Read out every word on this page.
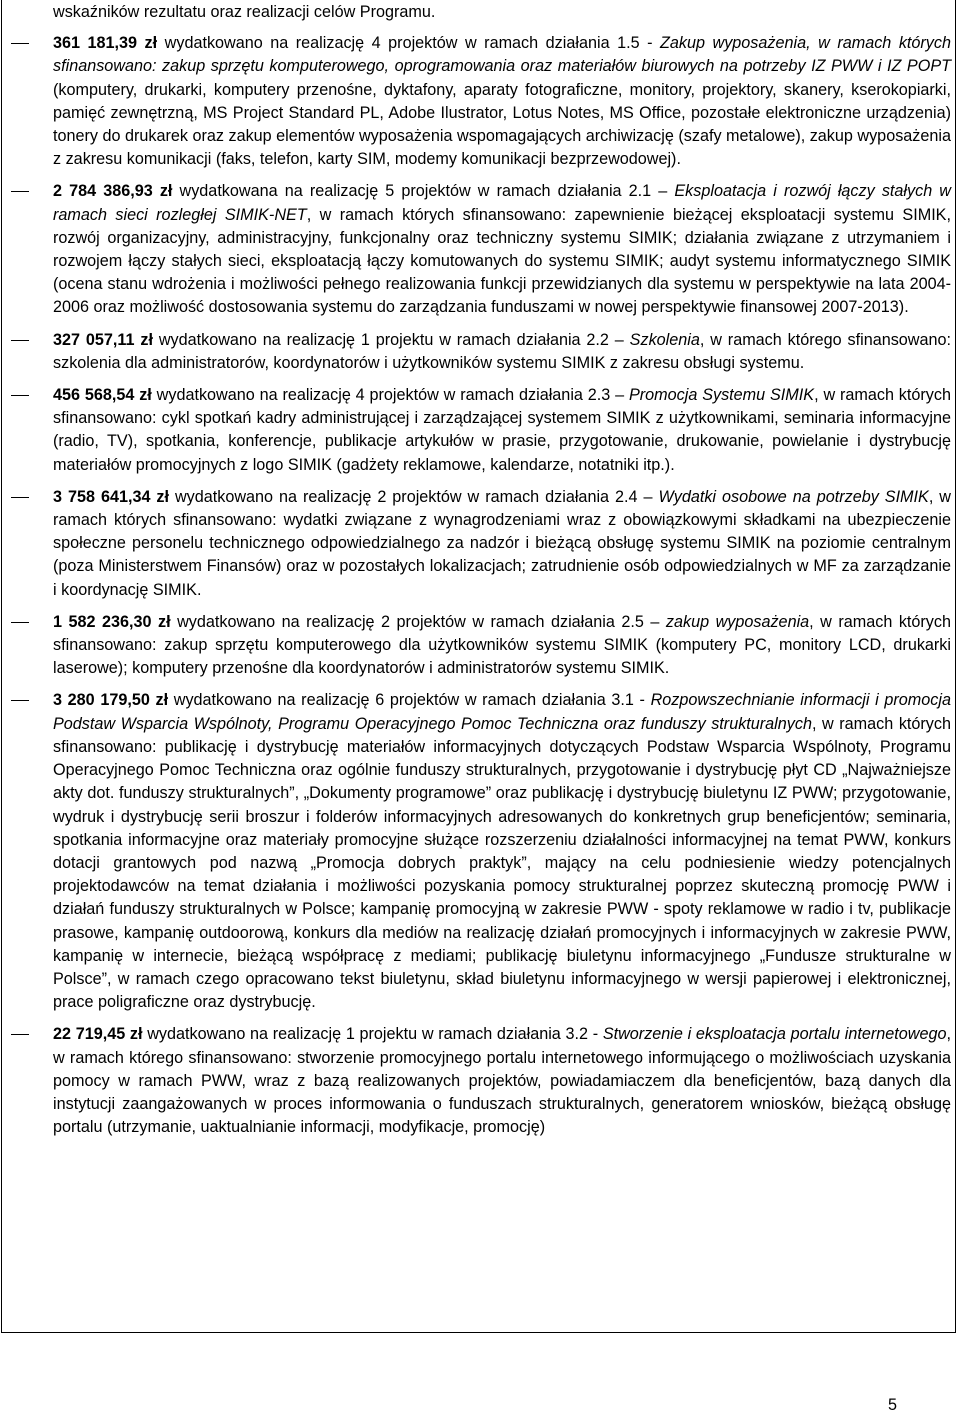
wskaźników rezultatu oraz realizacji celów Programu.

361 181,39 zł wydatkowano na realizację 4 projektów w ramach działania 1.5 - Zakup wyposażenia, w ramach których sfinansowano: zakup sprzętu komputerowego, oprogramowania oraz materiałów biurowych na potrzeby IZ PWW i IZ POPT (komputery, drukarki, komputery przenośne, dyktafony, aparaty fotograficzne, monitory, projektory, skanery, kserokopiarki, pamięć zewnętrzną, MS Project Standard PL, Adobe Ilustrator, Lotus Notes, MS Office, pozostałe elektroniczne urządzenia) tonery do drukarek oraz zakup elementów wyposażenia wspomagających archiwizację (szafy metalowe), zakup wyposażenia z zakresu komunikacji (faks, telefon, karty SIM, modemy komunikacji bezprzewodowej).
2 784 386,93 zł wydatkowana na realizację 5 projektów w ramach działania 2.1 – Eksploatacja i rozwój łączy stałych w ramach sieci rozległej SIMIK-NET, w ramach których sfinansowano: zapewnienie bieżącej eksploatacji systemu SIMIK, rozwój organizacyjny, administracyjny, funkcjonalny oraz techniczny systemu SIMIK; działania związane z utrzymaniem i rozwojem łączy stałych sieci, eksploatacją łączy komutowanych do systemu SIMIK; audyt systemu informatycznego SIMIK (ocena stanu wdrożenia i możliwości pełnego realizowania funkcji przewidzianych dla systemu w perspektywie na lata 2004-2006 oraz możliwość dostosowania systemu do zarządzania funduszami w nowej perspektywie finansowej 2007-2013).
327 057,11 zł wydatkowano na realizację 1 projektu w ramach działania 2.2 – Szkolenia, w ramach którego sfinansowano: szkolenia dla administratorów, koordynatorów i użytkowników systemu SIMIK z zakresu obsługi systemu.
456 568,54 zł wydatkowano na realizację 4 projektów w ramach działania 2.3 – Promocja Systemu SIMIK, w ramach których sfinansowano: cykl spotkań kadry administrującej i zarządzającej systemem SIMIK z użytkownikami, seminaria informacyjne (radio, TV), spotkania, konferencje, publikacje artykułów w prasie, przygotowanie, drukowanie, powielanie i dystrybucję materiałów promocyjnych z logo SIMIK (gadżety reklamowe, kalendarze, notatniki itp.).
3 758 641,34 zł wydatkowano na realizację 2 projektów w ramach działania 2.4 – Wydatki osobowe na potrzeby SIMIK, w ramach których sfinansowano: wydatki związane z wynagrodzeniami wraz z obowiązkowymi składkami na ubezpieczenie społeczne personelu technicznego odpowiedzialnego za nadzór i bieżącą obsługę systemu SIMIK na poziomie centralnym (poza Ministerstwem Finansów) oraz w pozostałych lokalizacjach; zatrudnienie osób odpowiedzialnych w MF za zarządzanie i koordynację SIMIK.
1 582 236,30 zł wydatkowano na realizację 2 projektów w ramach działania 2.5 – zakup wyposażenia, w ramach których sfinansowano: zakup sprzętu komputerowego dla użytkowników systemu SIMIK (komputery PC, monitory LCD, drukarki laserowe); komputery przenośne dla koordynatorów i administratorów systemu SIMIK.
3 280 179,50 zł wydatkowano na realizację 6 projektów w ramach działania 3.1 - Rozpowszechnianie informacji i promocja Podstaw Wsparcia Wspólnoty, Programu Operacyjnego Pomoc Techniczna oraz funduszy strukturalnych, w ramach których sfinansowano: publikację i dystrybucję materiałów informacyjnych dotyczących Podstaw Wsparcia Wspólnoty, Programu Operacyjnego Pomoc Techniczna oraz ogólnie funduszy strukturalnych, przygotowanie i dystrybucję płyt CD „Najważniejsze akty dot. funduszy strukturalnych”, „Dokumenty programowe” oraz publikację i dystrybucję biuletynu IZ PWW; przygotowanie, wydruk i dystrybucję serii broszur i folderów informacyjnych adresowanych do konkretnych grup beneficjentów; seminaria, spotkania informacyjne oraz materiały promocyjne służące rozszerzeniu działalności informacyjnej na temat PWW, konkurs dotacji grantowych pod nazwą „Promocja dobrych praktyk”, mający na celu podniesienie wiedzy potencjalnych projektodawców na temat działania i możliwości pozyskania pomocy strukturalnej poprzez skuteczną promocję PWW i działań funduszy strukturalnych w Polsce; kampanię promocyjną w zakresie PWW - spoty reklamowe w radio i tv, publikacje prasowe, kampanię outdoorową, konkurs dla mediów na realizację działań promocyjnych i informacyjnych w zakresie PWW, kampanię w internecie, bieżącą współpracę z mediami; publikację biuletynu informacyjnego „Fundusze strukturalne w Polsce”, w ramach czego opracowano tekst biuletynu, skład biuletynu informacyjnego w wersji papierowej i elektronicznej, prace poligraficzne oraz dystrybucję.
22 719,45 zł wydatkowano na realizację 1 projektu w ramach działania 3.2 - Stworzenie i eksploatacja portalu internetowego, w ramach którego sfinansowano: stworzenie promocyjnego portalu internetowego informującego o możliwościach uzyskania pomocy w ramach PWW, wraz z bazą realizowanych projektów, powiadamiaczem dla beneficjentów, bazą danych dla instytucji zaangażowanych w proces informowania o funduszach strukturalnych, generatorem wniosków, bieżącą obsługę portalu (utrzymanie, uaktualnianie informacji, modyfikacje, promocję)
5
